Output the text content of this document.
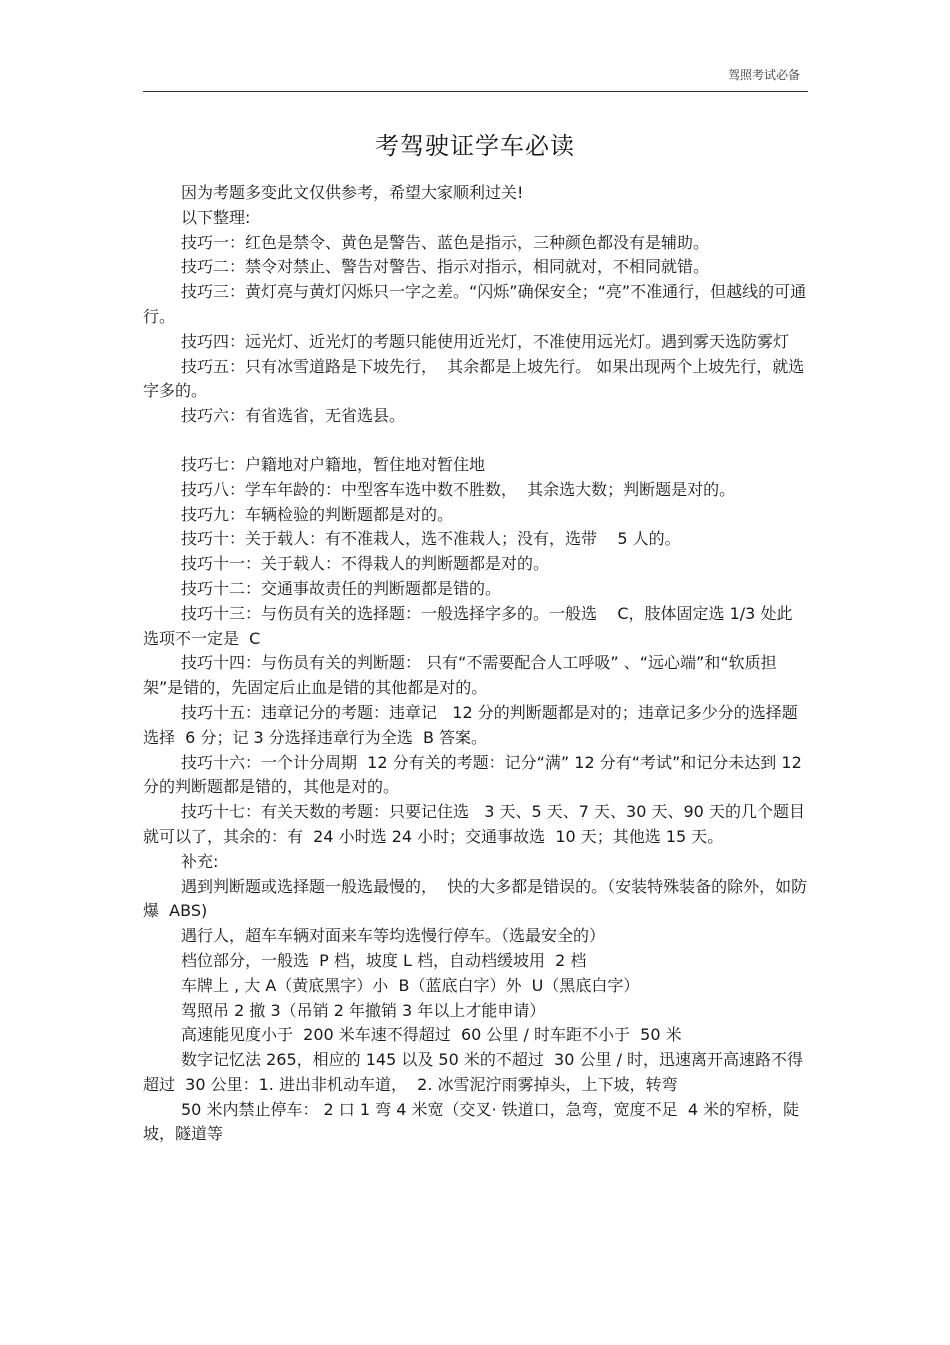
驾照考试必备
考驾驶证学车必读

因为考题多变此文仅供参考，希望大家顺利过关!

以下整理:

技巧一：红色是禁令、黄色是警告、蓝色是指示，三种颜色都没有是辅助。

技巧二：禁令对禁止、警告对警告、指示对指示，相同就对，不相同就错。

技巧三：黄灯亮与黄灯闪烁只一字之差。“闪烁”确保安全；“亮”不准通行，但越线的可通行。

技巧四：远光灯、近光灯的考题只能使用近光灯，不准使用远光灯。遇到雾天选防雾灯

技巧五：只有冰雪道路是下坡先行，  其余都是上坡先行。 如果出现两个上坡先行，就选字多的。

技巧六：有省选省，无省选县。

技巧七：户籍地对户籍地，暂住地对暂住地

技巧八：学车年龄的：中型客车选中数不胜数，  其余选大数；判断题是对的。

技巧九：车辆检验的判断题都是对的。

技巧十：关于载人：有不准栽人，选不准栽人；没有，选带    5 人的。

技巧十一：关于载人：不得栽人的判断题都是对的。

技巧十二：交通事故责任的判断题都是错的。

技巧十三：与伤员有关的选择题：一般选择字多的。一般选    C，肢体固定选 1/3 处此选项不一定是  C

技巧十四：与伤员有关的判断题： 只有“不需要配合人工呼吸” 、“远心端”和“软质担架”是错的，先固定后止血是错的其他都是对的。

技巧十五：违章记分的考题：违章记   12 分的判断题都是对的；违章记多少分的选择题选择  6 分；记 3 分选择违章行为全选  B 答案。

技巧十六：一个计分周期  12 分有关的考题：记分“满” 12 分有“考试”和记分未达到 12 分的判断题都是错的，其他是对的。

技巧十七：有关天数的考题：只要记住选   3 天、5 天、7 天、30 天、90 天的几个题目就可以了，其余的：有  24 小时选 24 小时；交通事故选  10 天；其他选 15 天。

补充:

遇到判断题或选择题一般选最慢的，  快的大多都是错误的。（安装特殊装备的除外，如防爆  ABS)

遇行人，超车车辆对面来车等均选慢行停车。（选最安全的）

档位部分，一般选  P 档，坡度 L 档，自动档缓坡用  2 档

车牌上 , 大 A（黄底黑字）小  B（蓝底白字）外  U（黑底白字）

驾照吊 2 撤 3（吊销 2 年撤销 3 年以上才能申请）

高速能见度小于  200 米车速不得超过  60 公里 / 时车距不小于  50 米

数字记忆法 265，相应的 145 以及 50 米的不超过  30 公里 / 时，迅速离开高速路不得超过  30 公里：1. 进出非机动车道，  2. 冰雪泥泞雨雾掉头，上下坡，转弯

50 米内禁止停车： 2 口 1 弯 4 米宽（交叉· 铁道口，急弯，宽度不足  4 米的窄桥，陡坡，隧道等
